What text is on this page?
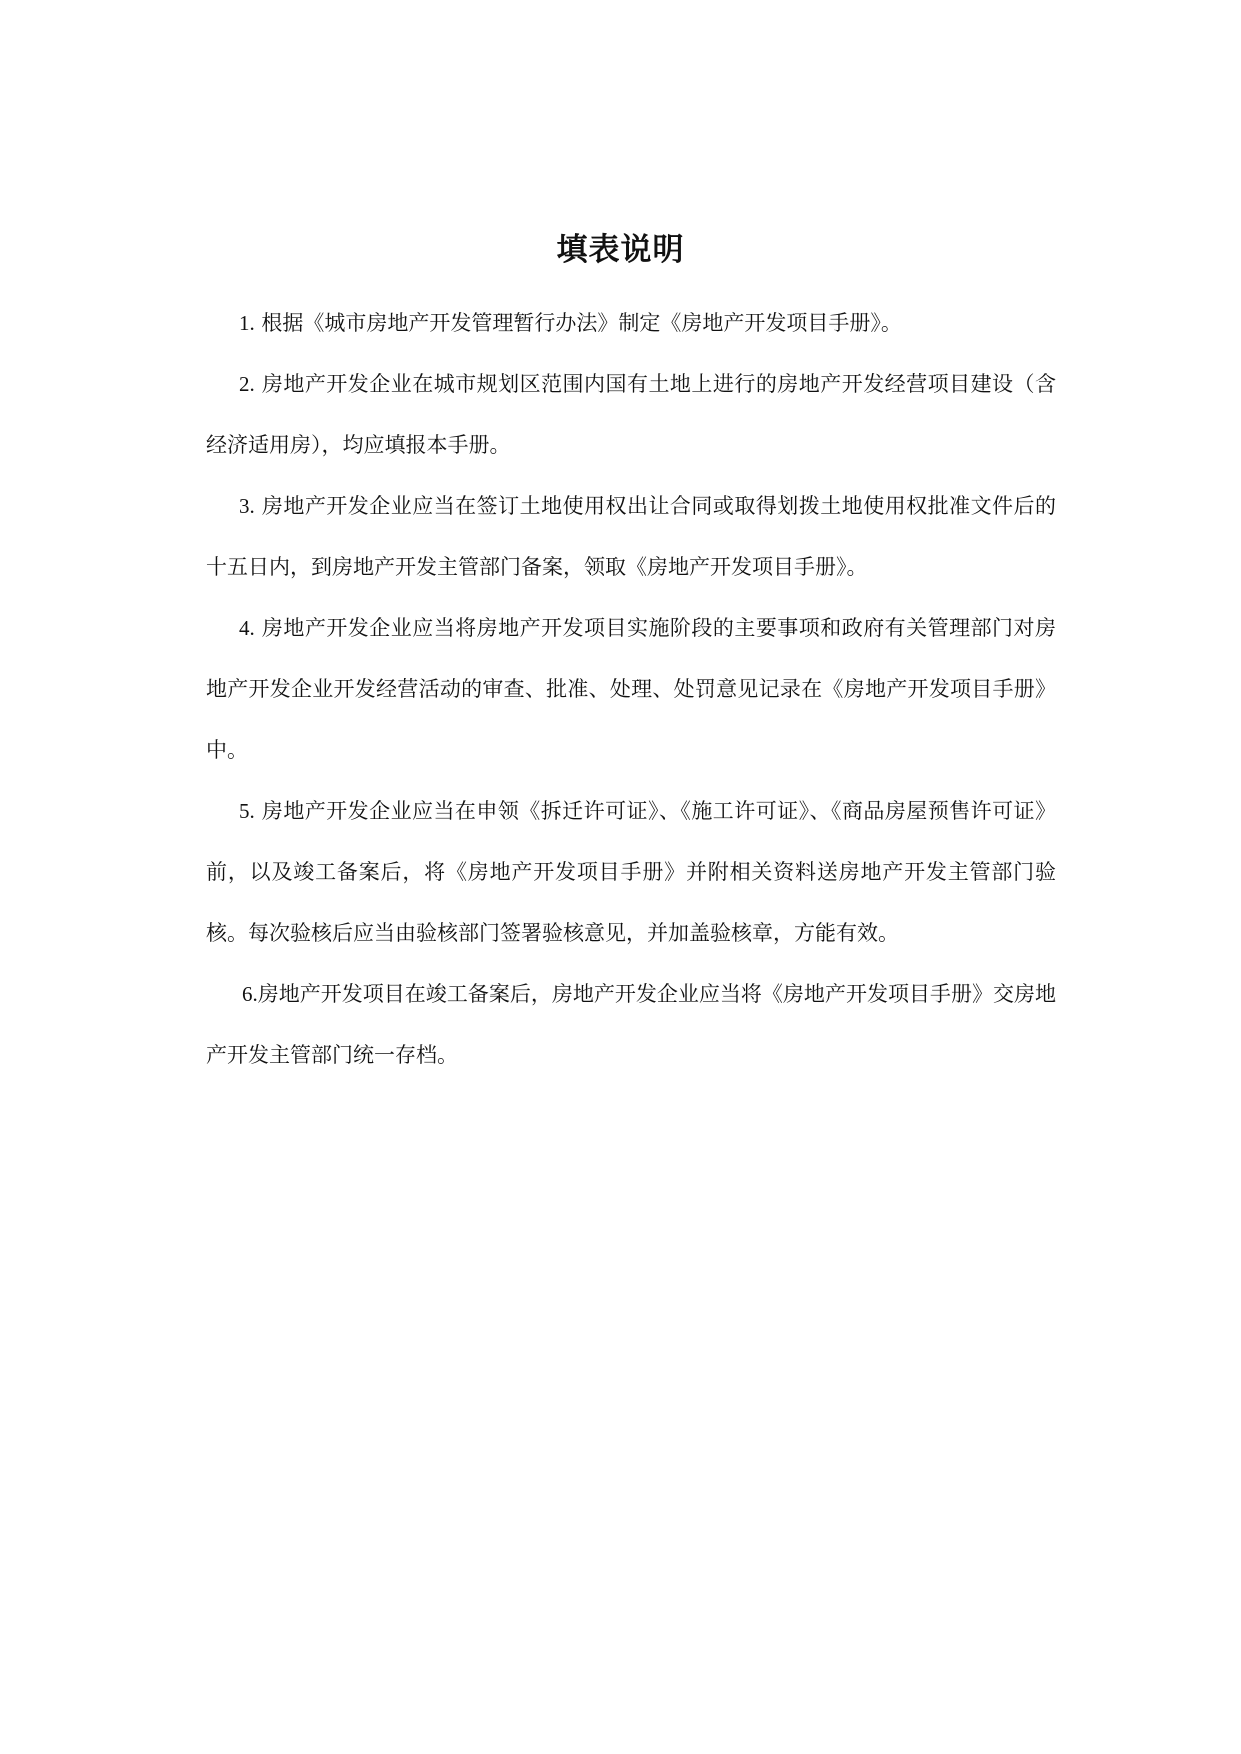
填表说明

1. 根据《城市房地产开发管理暂行办法》制定《房地产开发项目手册》。

2. 房地产开发企业在城市规划区范围内国有土地上进行的房地产开发经营项目建设（含经济适用房），均应填报本手册。

3. 房地产开发企业应当在签订土地使用权出让合同或取得划拨土地使用权批准文件后的十五日内，到房地产开发主管部门备案，领取《房地产开发项目手册》。

4. 房地产开发企业应当将房地产开发项目实施阶段的主要事项和政府有关管理部门对房地产开发企业开发经营活动的审查、批准、处理、处罚意见记录在《房地产开发项目手册》中。

5. 房地产开发企业应当在申领《拆迁许可证》、《施工许可证》、《商品房屋预售许可证》前，以及竣工备案后，将《房地产开发项目手册》并附相关资料送房地产开发主管部门验核。每次验核后应当由验核部门签署验核意见，并加盖验核章，方能有效。

6.房地产开发项目在竣工备案后，房地产开发企业应当将《房地产开发项目手册》交房地产开发主管部门统一存档。
